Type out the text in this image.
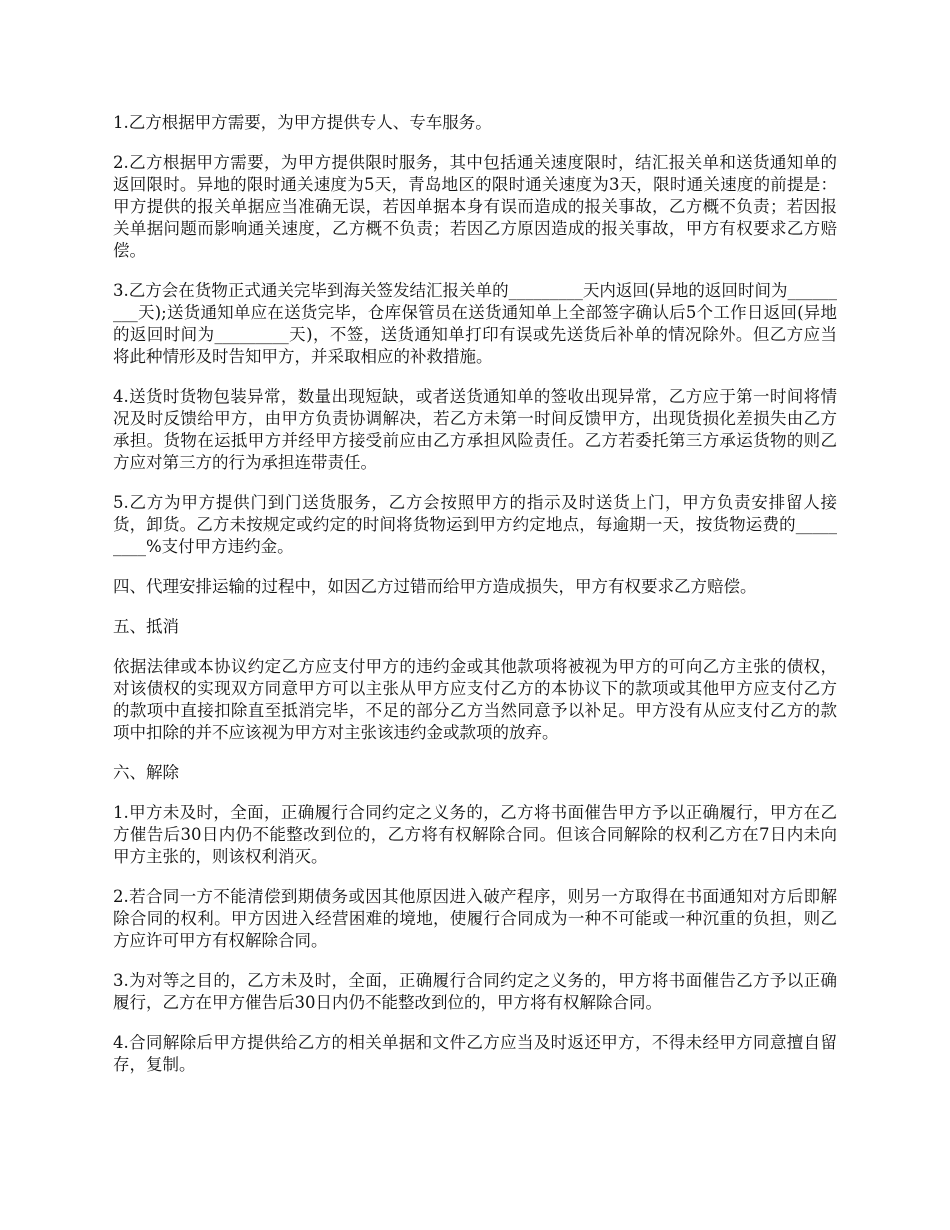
1.乙方根据甲方需要，为甲方提供专人、专车服务。

2.乙方根据甲方需要，为甲方提供限时服务，其中包括通关速度限时，结汇报关单和送货通知单的返回限时。异地的限时通关速度为5天，青岛地区的限时通关速度为3天，限时通关速度的前提是：甲方提供的报关单据应当准确无误，若因单据本身有误而造成的报关事故，乙方概不负责；若因报关单据问题而影响通关速度，乙方概不负责；若因乙方原因造成的报关事故，甲方有权要求乙方赔偿。

3.乙方会在货物正式通关完毕到海关签发结汇报关单的_________天内返回(异地的返回时间为_________天);送货通知单应在送货完毕，仓库保管员在送货通知单上全部签字确认后5个工作日返回(异地的返回时间为_________天)，不签，送货通知单打印有误或先送货后补单的情况除外。但乙方应当将此种情形及时告知甲方，并采取相应的补救措施。

4.送货时货物包装异常，数量出现短缺，或者送货通知单的签收出现异常，乙方应于第一时间将情况及时反馈给甲方，由甲方负责协调解决，若乙方未第一时间反馈甲方，出现货损化差损失由乙方承担。货物在运抵甲方并经甲方接受前应由乙方承担风险责任。乙方若委托第三方承运货物的则乙方应对第三方的行为承担连带责任。

5.乙方为甲方提供门到门送货服务，乙方会按照甲方的指示及时送货上门，甲方负责安排留人接货，卸货。乙方未按规定或约定的时间将货物运到甲方约定地点，每逾期一天，按货物运费的_________%支付甲方违约金。

四、代理安排运输的过程中，如因乙方过错而给甲方造成损失，甲方有权要求乙方赔偿。

五、抵消

依据法律或本协议约定乙方应支付甲方的违约金或其他款项将被视为甲方的可向乙方主张的债权，对该债权的实现双方同意甲方可以主张从甲方应支付乙方的本协议下的款项或其他甲方应支付乙方的款项中直接扣除直至抵消完毕，不足的部分乙方当然同意予以补足。甲方没有从应支付乙方的款项中扣除的并不应该视为甲方对主张该违约金或款项的放弃。

六、解除

1.甲方未及时，全面，正确履行合同约定之义务的，乙方将书面催告甲方予以正确履行，甲方在乙方催告后30日内仍不能整改到位的，乙方将有权解除合同。但该合同解除的权利乙方在7日内未向甲方主张的，则该权利消灭。

2.若合同一方不能清偿到期债务或因其他原因进入破产程序，则另一方取得在书面通知对方后即解除合同的权利。甲方因进入经营困难的境地，使履行合同成为一种不可能或一种沉重的负担，则乙方应许可甲方有权解除合同。

3.为对等之目的，乙方未及时，全面，正确履行合同约定之义务的，甲方将书面催告乙方予以正确履行，乙方在甲方催告后30日内仍不能整改到位的，甲方将有权解除合同。

4.合同解除后甲方提供给乙方的相关单据和文件乙方应当及时返还甲方，不得未经甲方同意擅自留存，复制。
